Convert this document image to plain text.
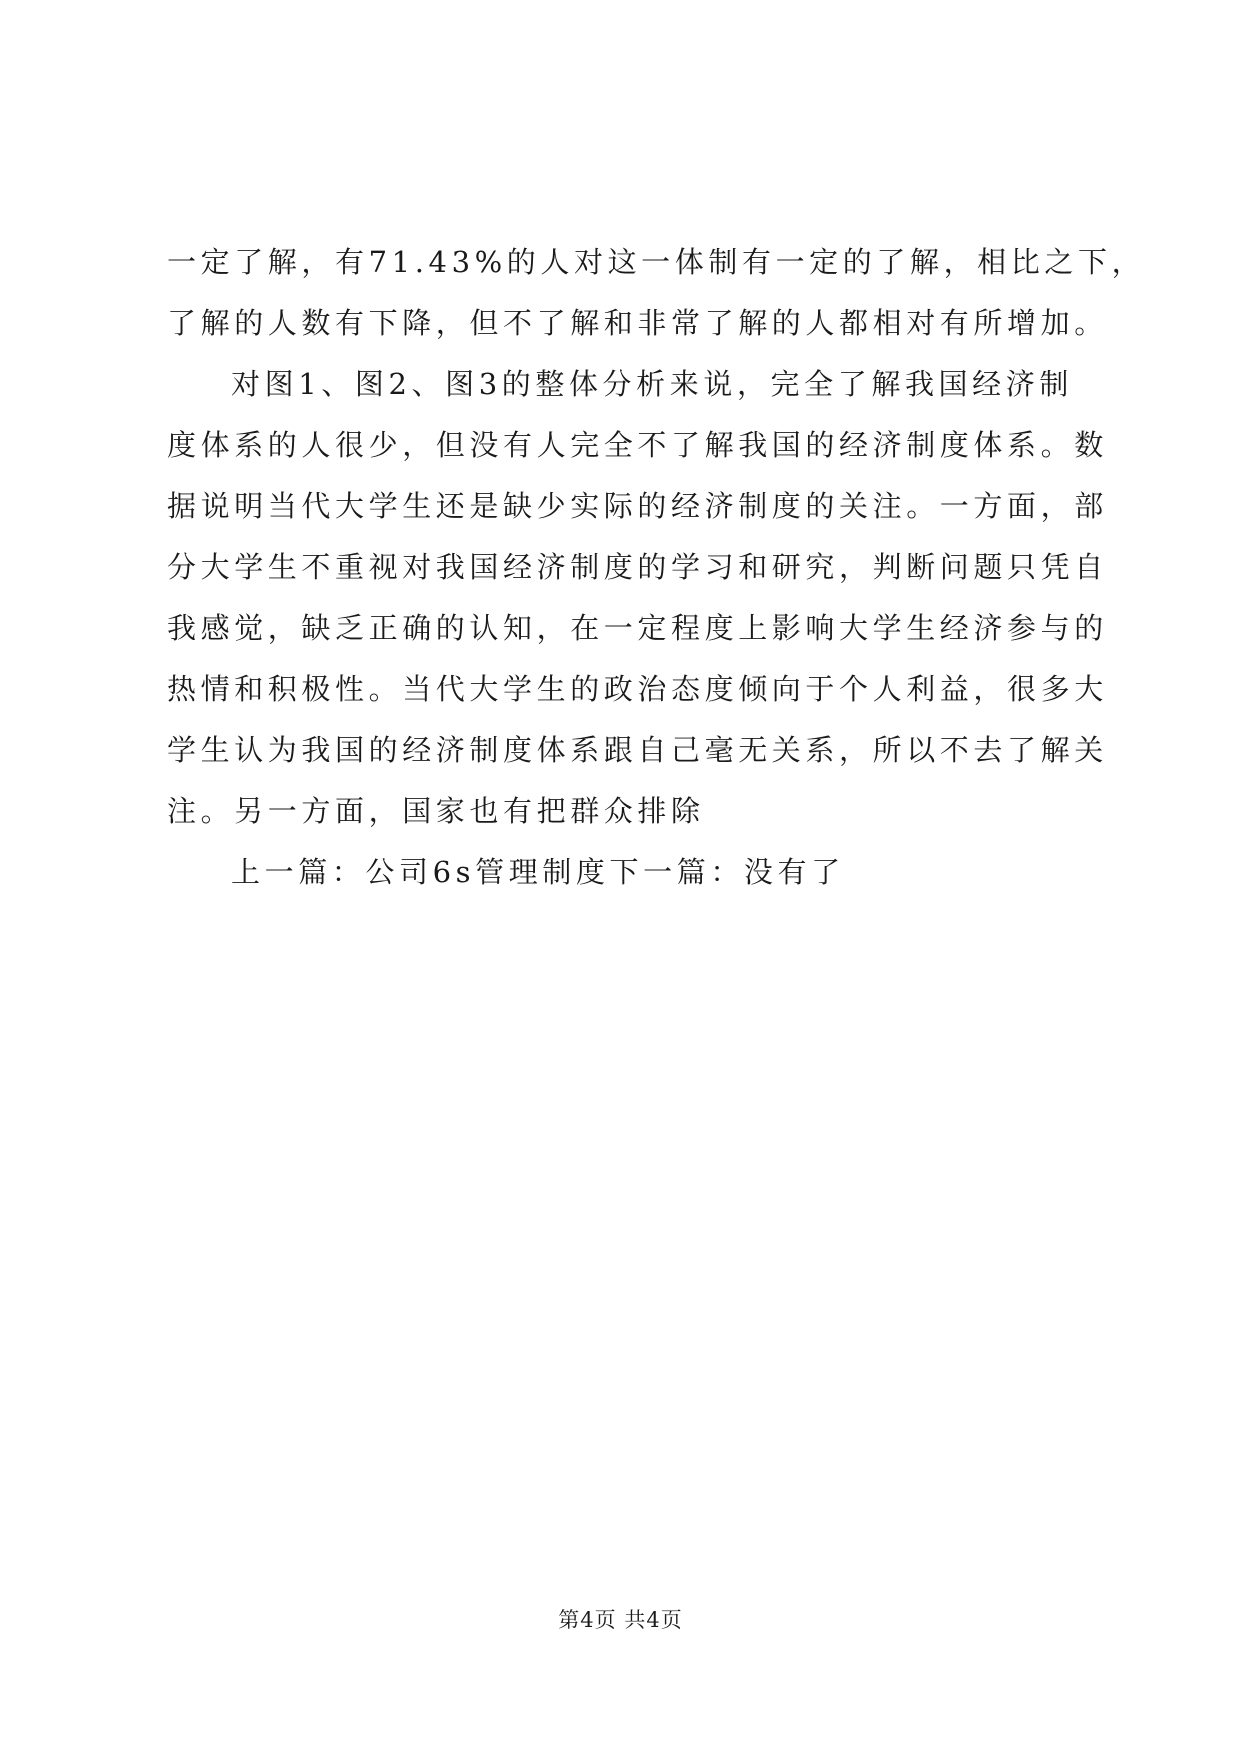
一定了解，有71.43%的人对这一体制有一定的了解，相比之下，
了解的人数有下降，但不了解和非常了解的人都相对有所增加。
对图1、图2、图3的整体分析来说，完全了解我国经济制
度体系的人很少，但没有人完全不了解我国的经济制度体系。数
据说明当代大学生还是缺少实际的经济制度的关注。一方面，部
分大学生不重视对我国经济制度的学习和研究，判断问题只凭自
我感觉，缺乏正确的认知，在一定程度上影响大学生经济参与的
热情和积极性。当代大学生的政治态度倾向于个人利益，很多大
学生认为我国的经济制度体系跟自己毫无关系，所以不去了解关
注。另一方面，国家也有把群众排除
上一篇：公司6s管理制度下一篇：没有了
第4页 共4页
